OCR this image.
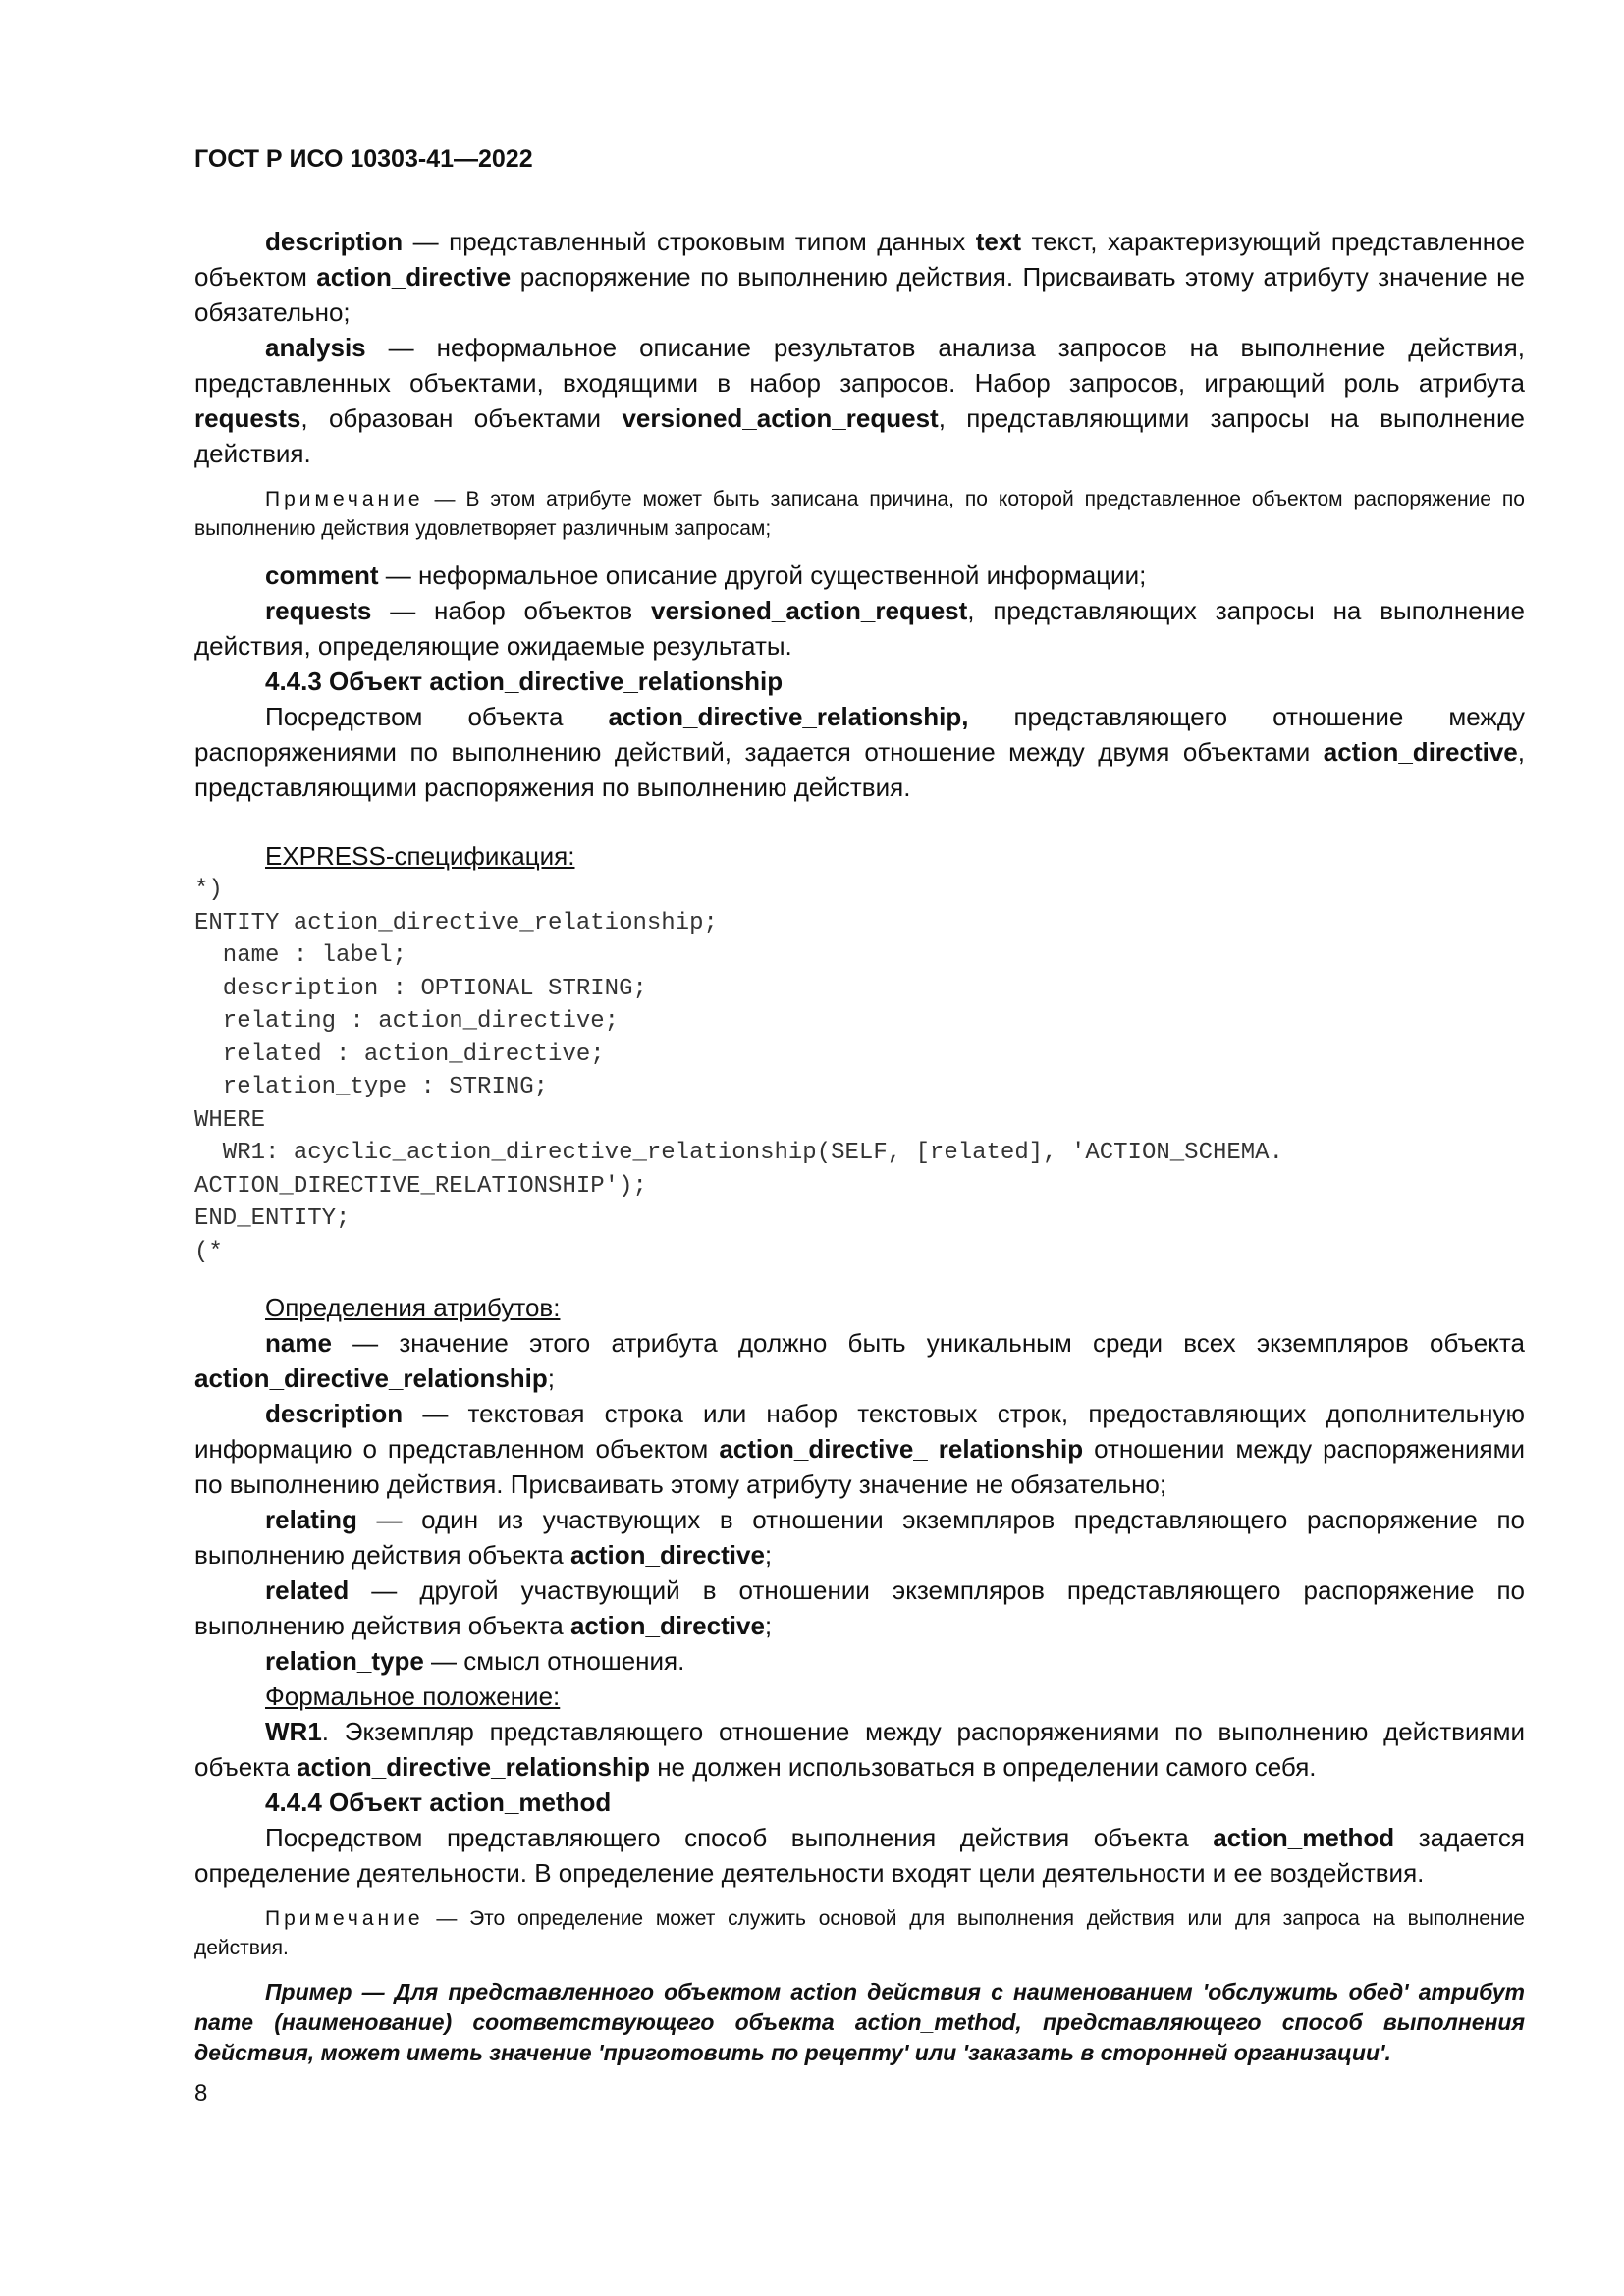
ГОСТ Р ИСО 10303-41—2022

description — представленный строковым типом данных text текст, характеризующий представленное объектом action_directive распоряжение по выполнению действия. Присваивать этому атрибуту значение не обязательно;

analysis — неформальное описание результатов анализа запросов на выполнение действия, представленных объектами, входящими в набор запросов. Набор запросов, играющий роль атрибута requests, образован объектами versioned_action_request, представляющими запросы на выполнение действия.

Примечание — В этом атрибуте может быть записана причина, по которой представленное объектом распоряжение по выполнению действия удовлетворяет различным запросам;

comment — неформальное описание другой существенной информации;

requests — набор объектов versioned_action_request, представляющих запросы на выполнение действия, определяющие ожидаемые результаты.

4.4.3 Объект action_directive_relationship

Посредством объекта action_directive_relationship, представляющего отношение между распоряжениями по выполнению действий, задается отношение между двумя объектами action_directive, представляющими распоряжения по выполнению действия.

EXPRESS-спецификация:

*)
ENTITY action_directive_relationship;
name : label;
description : OPTIONAL STRING;
relating : action_directive;
related : action_directive;
relation_type : STRING;
WHERE
WR1: acyclic_action_directive_relationship(SELF, [related], 'ACTION_SCHEMA.
ACTION_DIRECTIVE_RELATIONSHIP');
END_ENTITY;
(*

Определения атрибутов:

name — значение этого атрибута должно быть уникальным среди всех экземпляров объекта action_directive_relationship;

description — текстовая строка или набор текстовых строк, предоставляющих дополнительную информацию о представленном объектом action_directive_ relationship отношении между распоряжениями по выполнению действия. Присваивать этому атрибуту значение не обязательно;

relating — один из участвующих в отношении экземпляров представляющего распоряжение по выполнению действия объекта action_directive;

related — другой участвующий в отношении экземпляров представляющего распоряжение по выполнению действия объекта action_directive;

relation_type — смысл отношения.

Формальное положение:

WR1. Экземпляр представляющего отношение между распоряжениями по выполнению действиями объекта action_directive_relationship не должен использоваться в определении самого себя.

4.4.4 Объект action_method

Посредством представляющего способ выполнения действия объекта action_method задается определение деятельности. В определение деятельности входят цели деятельности и ее воздействия.

Примечание — Это определение может служить основой для выполнения действия или для запроса на выполнение действия.

Пример — Для представленного объектом action действия с наименованием 'обслужить обед' атрибут name (наименование) соответствующего объекта action_method, представляющего способ выполнения действия, может иметь значение 'приготовить по рецепту' или 'заказать в сторонней организации'.

8
